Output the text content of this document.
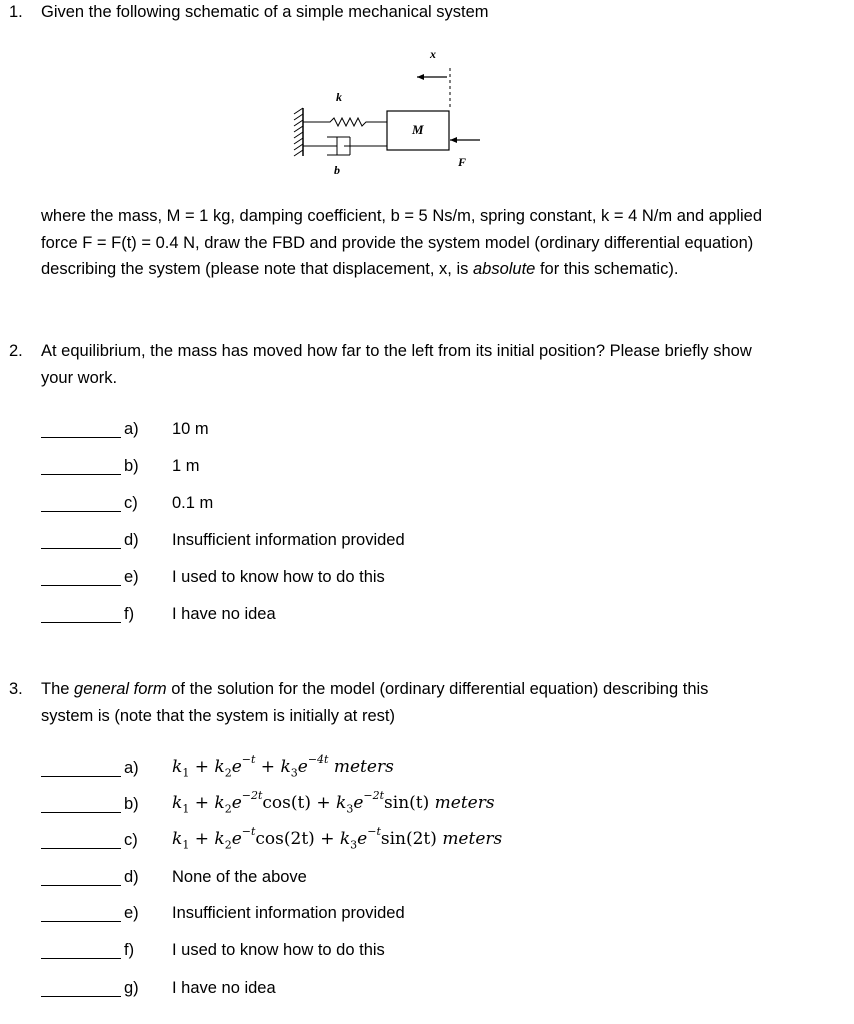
1. Given the following schematic of a simple mechanical system
x
k
M
b
F
where the mass, M = 1 kg, damping coefficient, b = 5 Ns/m, spring constant, k = 4 N/m and applied
force F = F(t) = 0.4 N, draw the FBD and provide the system model (ordinary differential equation)
describing the system (please note that displacement, x, is absolute for this schematic).
2. At equilibrium, the mass has moved how far to the left from its initial position? Please briefly show
your work.
a) 10 m
b) 1 m
c) 0.1 m
d) Insufficient information provided
e) I used to know how to do this
f) I have no idea
3. The general form of the solution for the model (ordinary differential equation) describing this
system is (note that the system is initially at rest)
a) $k_1 + k_2e^{-t} + k_3e^{-4t}$ meters
b) $k_1 + k_2e^{-2t}\cos(t) + k_3e^{-2t}\sin(t)$ meters
c) $k_1 + k_2e^{-t}\cos(2t) + k_3e^{-t}\sin(2t)$ meters
d) None of the above
e) Insufficient information provided
f) I used to know how to do this
g) I have no idea
